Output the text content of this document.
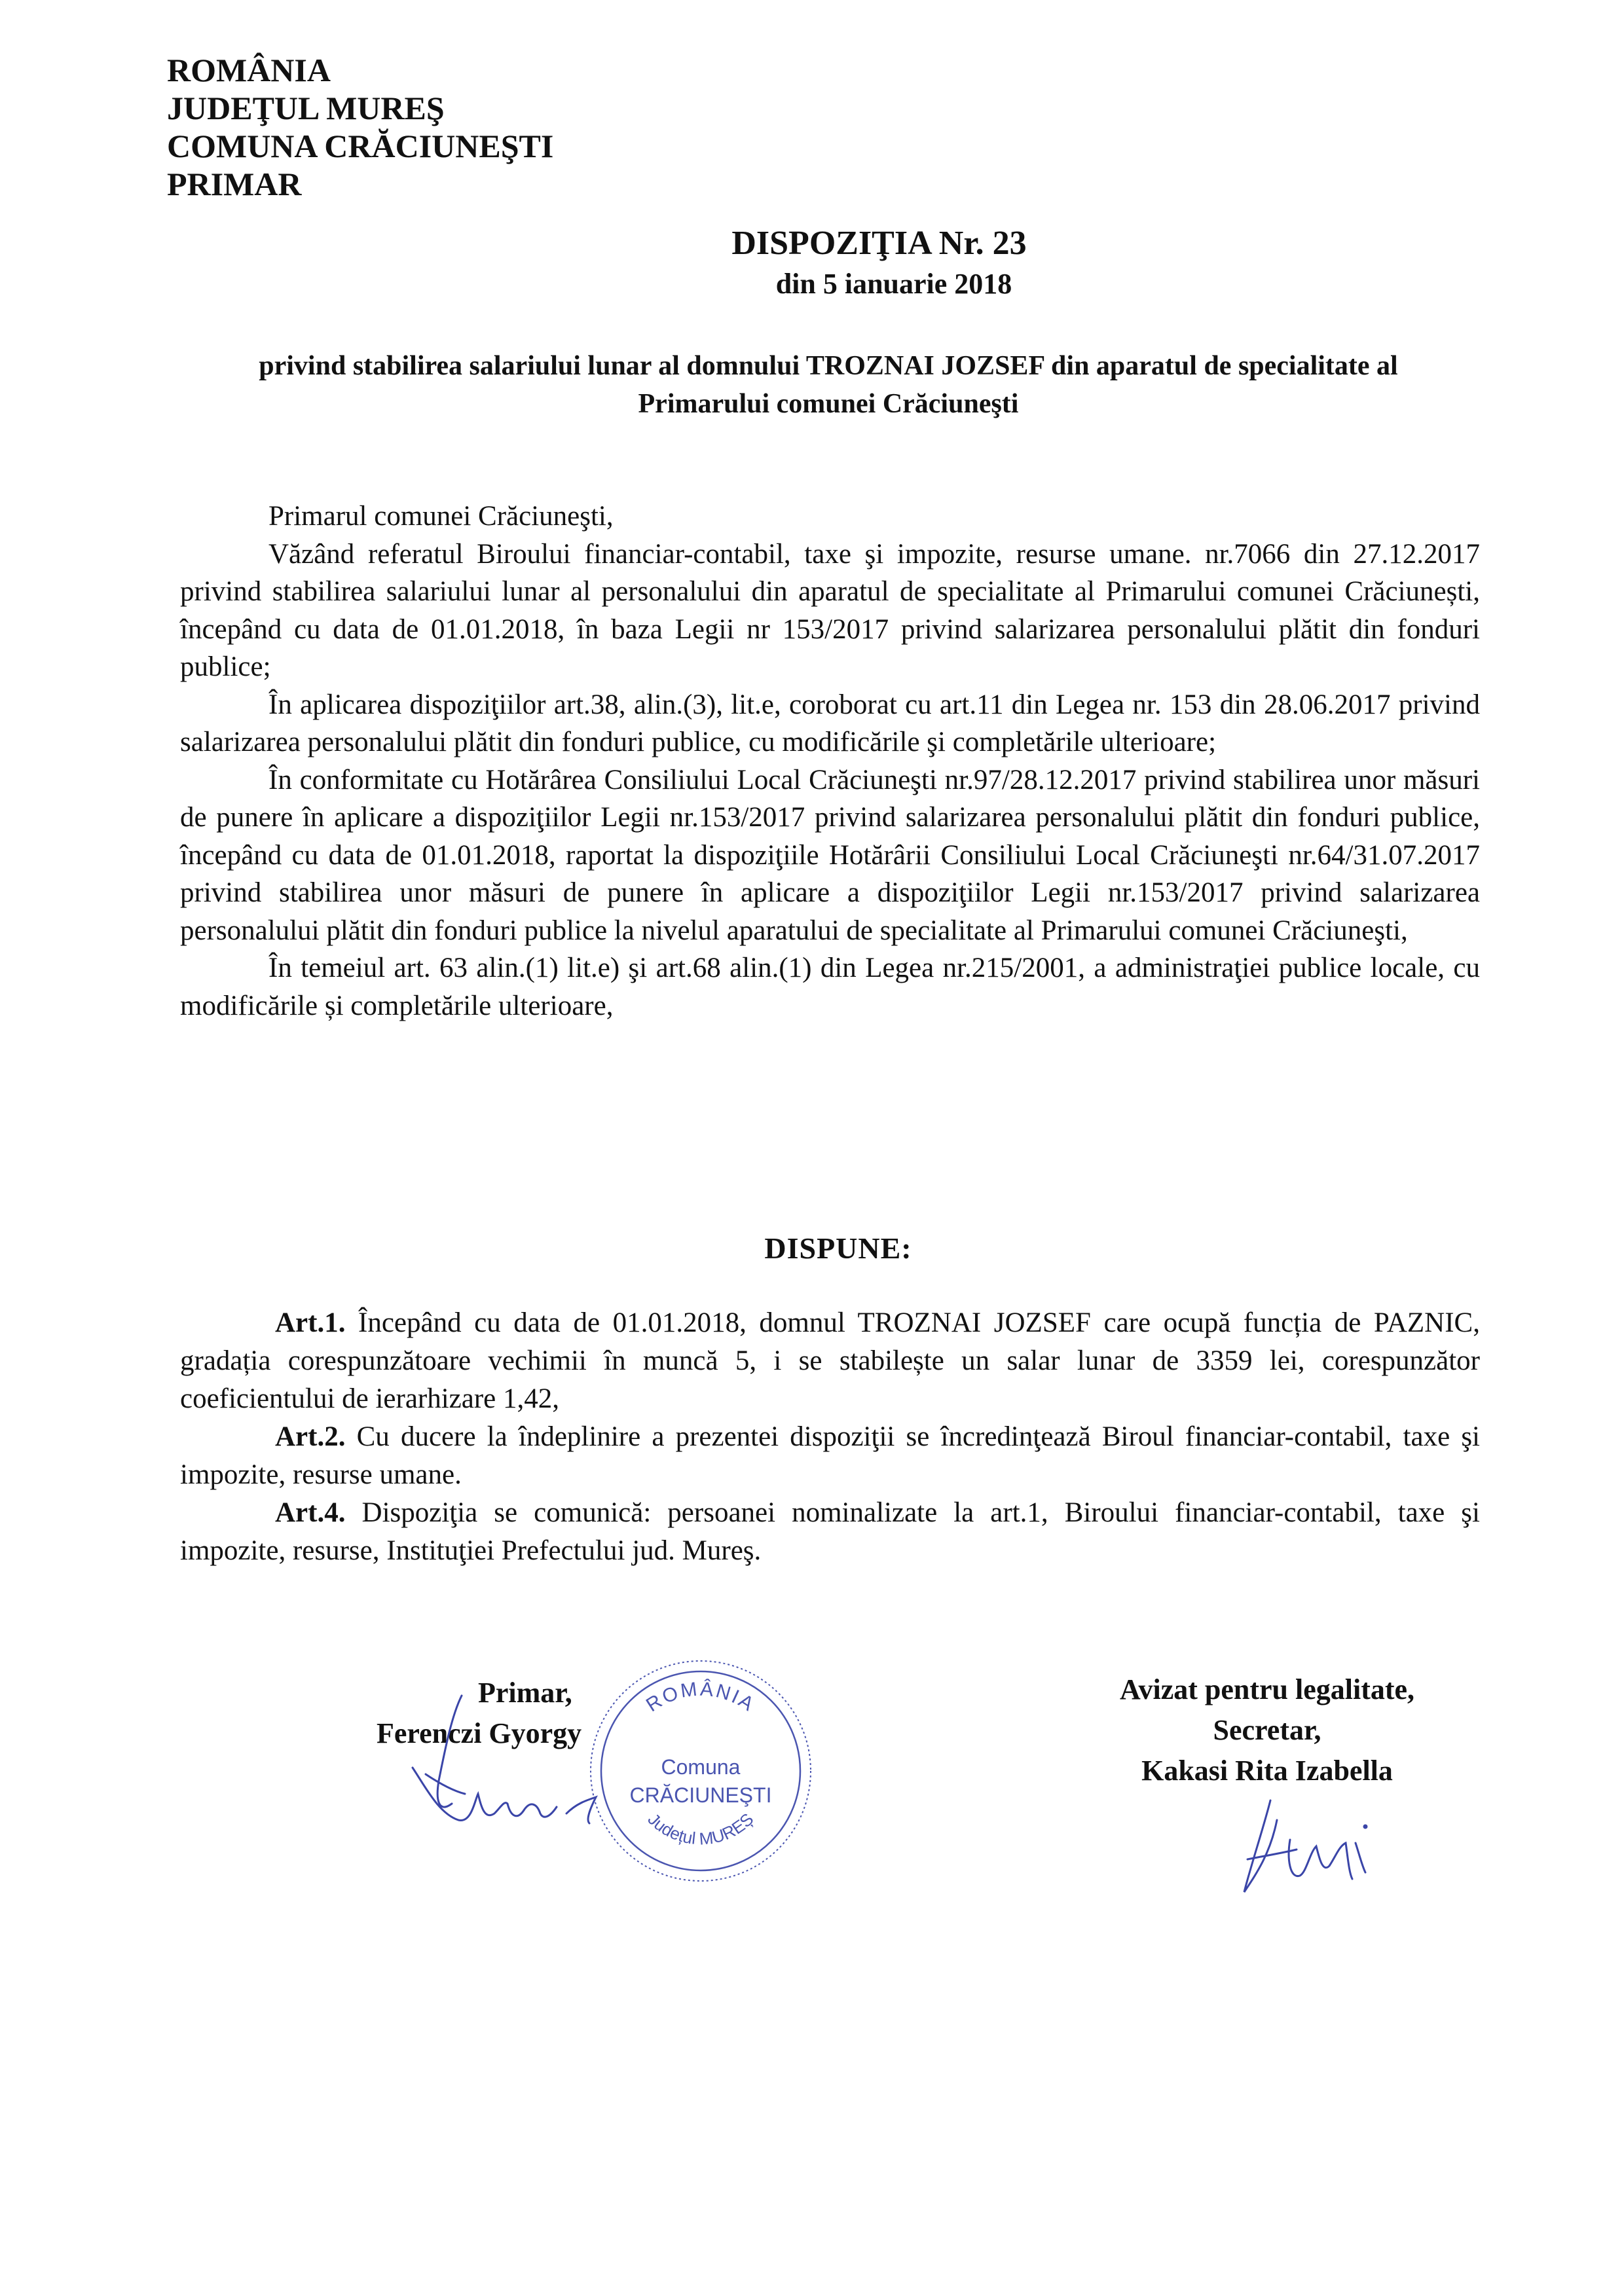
ROMÂNIA
JUDEŢUL MUREŞ
COMUNA CRĂCIUNEŞTI
PRIMAR
DISPOZIŢIA Nr. 23
din 5 ianuarie 2018
privind stabilirea salariului lunar al domnului TROZNAI JOZSEF din aparatul de specialitate al Primarului comunei Crăciuneşti

Primarul comunei Crăciuneşti,

Văzând referatul Biroului financiar-contabil, taxe şi impozite, resurse umane. nr.7066 din 27.12.2017 privind stabilirea salariului lunar al personalului din aparatul de specialitate al Primarului comunei Crăciunești, începând cu data de 01.01.2018, în baza Legii nr 153/2017 privind salarizarea personalului plătit din fonduri publice;

În aplicarea dispoziţiilor art.38, alin.(3), lit.e, coroborat cu art.11 din Legea nr. 153 din 28.06.2017 privind salarizarea personalului plătit din fonduri publice, cu modificările şi completările ulterioare;

În conformitate cu Hotărârea Consiliului Local Crăciuneşti nr.97/28.12.2017 privind stabilirea unor măsuri de punere în aplicare a dispoziţiilor Legii nr.153/2017 privind salarizarea personalului plătit din fonduri publice, începând cu data de 01.01.2018, raportat la dispoziţiile Hotărârii Consiliului Local Crăciuneşti nr.64/31.07.2017 privind stabilirea unor măsuri de punere în aplicare a dispoziţiilor Legii nr.153/2017 privind salarizarea personalului plătit din fonduri publice la nivelul aparatului de specialitate al Primarului comunei Crăciuneşti,

În temeiul art. 63 alin.(1) lit.e) şi art.68 alin.(1) din Legea nr.215/2001, a administraţiei publice locale, cu modificările și completările ulterioare,

DISPUNE:

Art.1. Începând cu data de 01.01.2018, domnul TROZNAI JOZSEF care ocupă funcția de PAZNIC, gradația corespunzătoare vechimii în muncă 5, i se stabilește un salar lunar de 3359 lei, corespunzător coeficientului de ierarhizare 1,42,

Art.2. Cu ducere la îndeplinire a prezentei dispoziţii se încredinţează Biroul financiar-contabil, taxe şi impozite, resurse umane.

Art.4. Dispoziţia se comunică: persoanei nominalizate la art.1, Biroului financiar-contabil, taxe şi impozite, resurse, Instituţiei Prefectului jud. Mureş.

Primar,
Ferenczi Gyorgy
ROMÂNIA
Comuna
CRĂCIUNEŞTI
Județul MUREȘ
Avizat pentru legalitate,
Secretar,
Kakasi Rita Izabella
